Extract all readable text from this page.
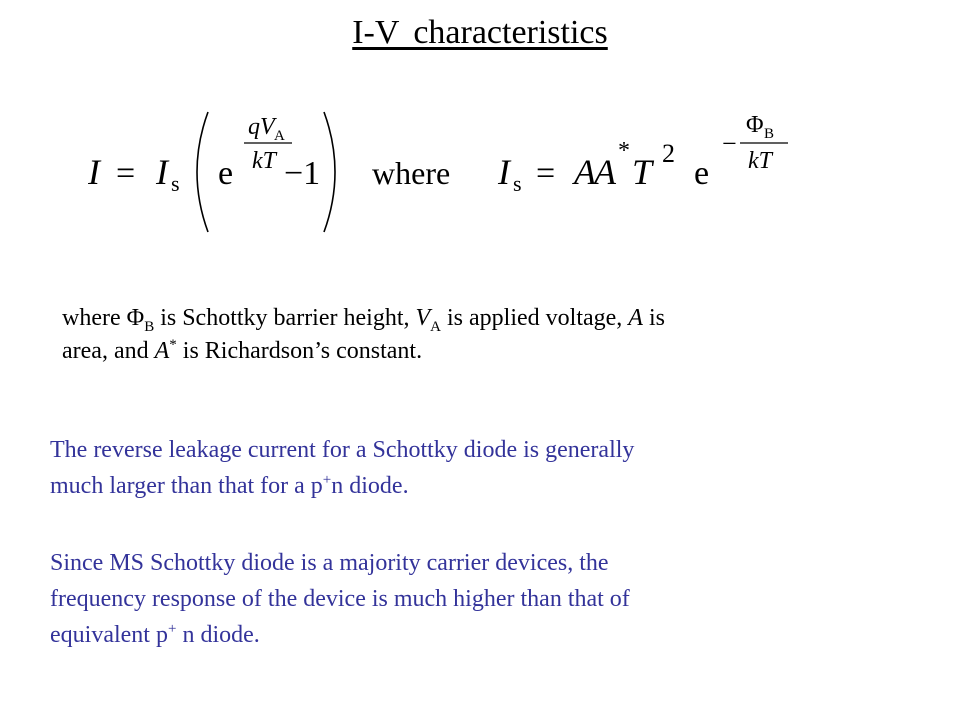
I-V characteristics
I = I s e
qV A
kT −1 where I s = A
A
*
T 2
e
−
Φ B
kT
where $\Phi_B$ is Schottky barrier height, $V_A$ is applied voltage, A is
area, and A* is Richardson’s constant.
The reverse leakage current for a Schottky diode is generally
much larger than that for a p+n diode.
Since MS Schottky diode is a majority carrier devices, the
frequency response of the device is much higher than that of
equivalent p+ n diode.
